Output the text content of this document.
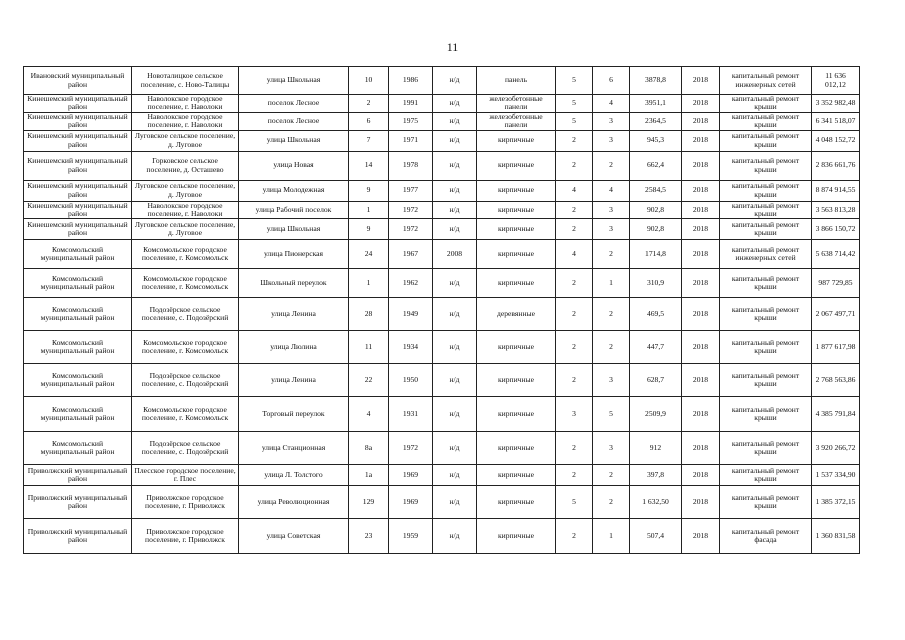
11
Ивановский муниципальный район	Новоталицкое сельское поселение, с. Ново-Талицы	улица Школьная	10	1986	н/д	панель	5	6	3878,8	2018	капитальный ремонт инженерных сетей	11 636 012,12
Кинешемский муниципальный район	Наволокское городское поселение, г. Наволоки	поселок Лесное	2	1991	н/д	железобетонные панели	5	4	3951,1	2018	капитальный ремонт крыши	3 352 982,48
Кинешемский муниципальный район	Наволокское городское поселение, г. Наволоки	поселок Лесное	6	1975	н/д	железобетонные панели	5	3	2364,5	2018	капитальный ремонт крыши	6 341 518,07
Кинешемский муниципальный район	Луговское сельское поселение, д. Луговое	улица Школьная	7	1971	н/д	кирпичные	2	3	945,3	2018	капитальный ремонт крыши	4 048 152,72
Кинешемский муниципальный район	Горковское сельское поселение, д. Осташево	улица Новая	14	1978	н/д	кирпичные	2	2	662,4	2018	капитальный ремонт крыши	2 836 661,76
Кинешемский муниципальный район	Луговское сельское поселение, д. Луговое	улица Молодежная	9	1977	н/д	кирпичные	4	4	2584,5	2018	капитальный ремонт крыши	8 874 914,55
Кинешемский муниципальный район	Наволокское городское поселение, г. Наволоки	улица Рабочий поселок	1	1972	н/д	кирпичные	2	3	902,8	2018	капитальный ремонт крыши	3 563 813,28
Кинешемский муниципальный район	Луговское сельское поселение, д. Луговое	улица Школьная	9	1972	н/д	кирпичные	2	3	902,8	2018	капитальный ремонт крыши	3 866 150,72
Комсомольский муниципальный район	Комсомольское городское поселение, г. Комсомольск	улица Пионерская	24	1967	2008	кирпичные	4	2	1714,8	2018	капитальный ремонт инженерных сетей	5 638 714,42
Комсомольский муниципальный район	Комсомольское городское поселение, г. Комсомольск	Школьный переулок	1	1962	н/д	кирпичные	2	1	310,9	2018	капитальный ремонт крыши	987 729,85
Комсомольский муниципальный район	Подозёрское сельское поселение, с. Подозёрский	улица Ленина	28	1949	н/д	деревянные	2	2	469,5	2018	капитальный ремонт крыши	2 067 497,71
Комсомольский муниципальный район	Комсомольское городское поселение, г. Комсомольск	улица Люлина	11	1934	н/д	кирпичные	2	2	447,7	2018	капитальный ремонт крыши	1 877 617,98
Комсомольский муниципальный район	Подозёрское сельское поселение, с. Подозёрский	улица Ленина	22	1950	н/д	кирпичные	2	3	628,7	2018	капитальный ремонт крыши	2 768 563,86
Комсомольский муниципальный район	Комсомольское городское поселение, г. Комсомольск	Торговый переулок	4	1931	н/д	кирпичные	3	5	2509,9	2018	капитальный ремонт крыши	4 385 791,84
Комсомольский муниципальный район	Подозёрское сельское поселение, с. Подозёрский	улица Станционная	8а	1972	н/д	кирпичные	2	3	912	2018	капитальный ремонт крыши	3 920 266,72
Приволжский муниципальный район	Плесское городское поселение, г. Плес	улица Л. Толстого	1а	1969	н/д	кирпичные	2	2	397,8	2018	капитальный ремонт крыши	1 537 334,90
Приволжский муниципальный район	Приволжское городское поселение, г. Приволжск	улица Революционная	129	1969	н/д	кирпичные	5	2	1 632,50	2018	капитальный ремонт крыши	1 385 372,15
Приволжский муниципальный район	Приволжское городское поселение, г. Приволжск	улица Советская	23	1959	н/д	кирпичные	2	1	507,4	2018	капитальный ремонт фасада	1 360 831,58
